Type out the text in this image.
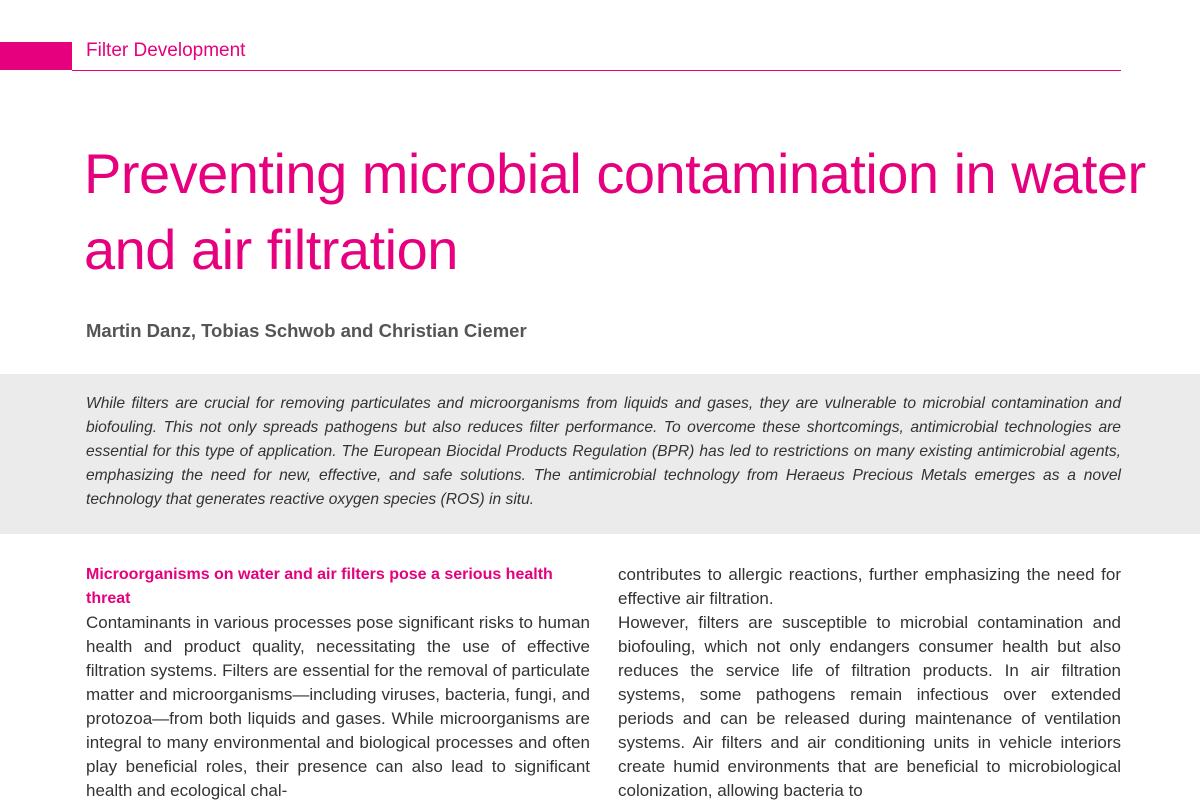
Filter Development
Preventing microbial contamination in water and air filtration
Martin Danz, Tobias Schwob and Christian Ciemer

While filters are crucial for removing particulates and microorganisms from liquids and gases, they are vulnerable to microbial contamination and biofouling. This not only spreads pathogens but also reduces filter performance. To overcome these shortcomings, antimicrobial technologies are essential for this type of application. The European Biocidal Products Regulation (BPR) has led to restrictions on many existing antimicrobial agents, emphasizing the need for new, effective, and safe solutions. The antimicrobial technology from Heraeus Precious Metals emerges as a novel technology that generates reactive oxygen species (ROS) in situ.

Microorganisms on water and air filters pose a serious health threat

Contaminants in various processes pose significant risks to human health and product quality, necessitating the use of effective filtration systems. Filters are essential for the removal of particulate matter and microorganisms—including viruses, bacteria, fungi, and protozoa—from both liquids and gases. While microorganisms are integral to many environmental and biological processes and often play beneficial roles, their presence can also lead to significant health and ecological chal-

contributes to allergic reactions, further emphasizing the need for effective air filtration.

However, filters are susceptible to microbial contamination and biofouling, which not only endangers consumer health but also reduces the service life of filtration products. In air filtration systems, some pathogens remain infectious over extended periods and can be released during maintenance of ventilation systems. Air filters and air conditioning units in vehicle interiors create humid environments that are beneficial to microbiological colonization, allowing bacteria to
